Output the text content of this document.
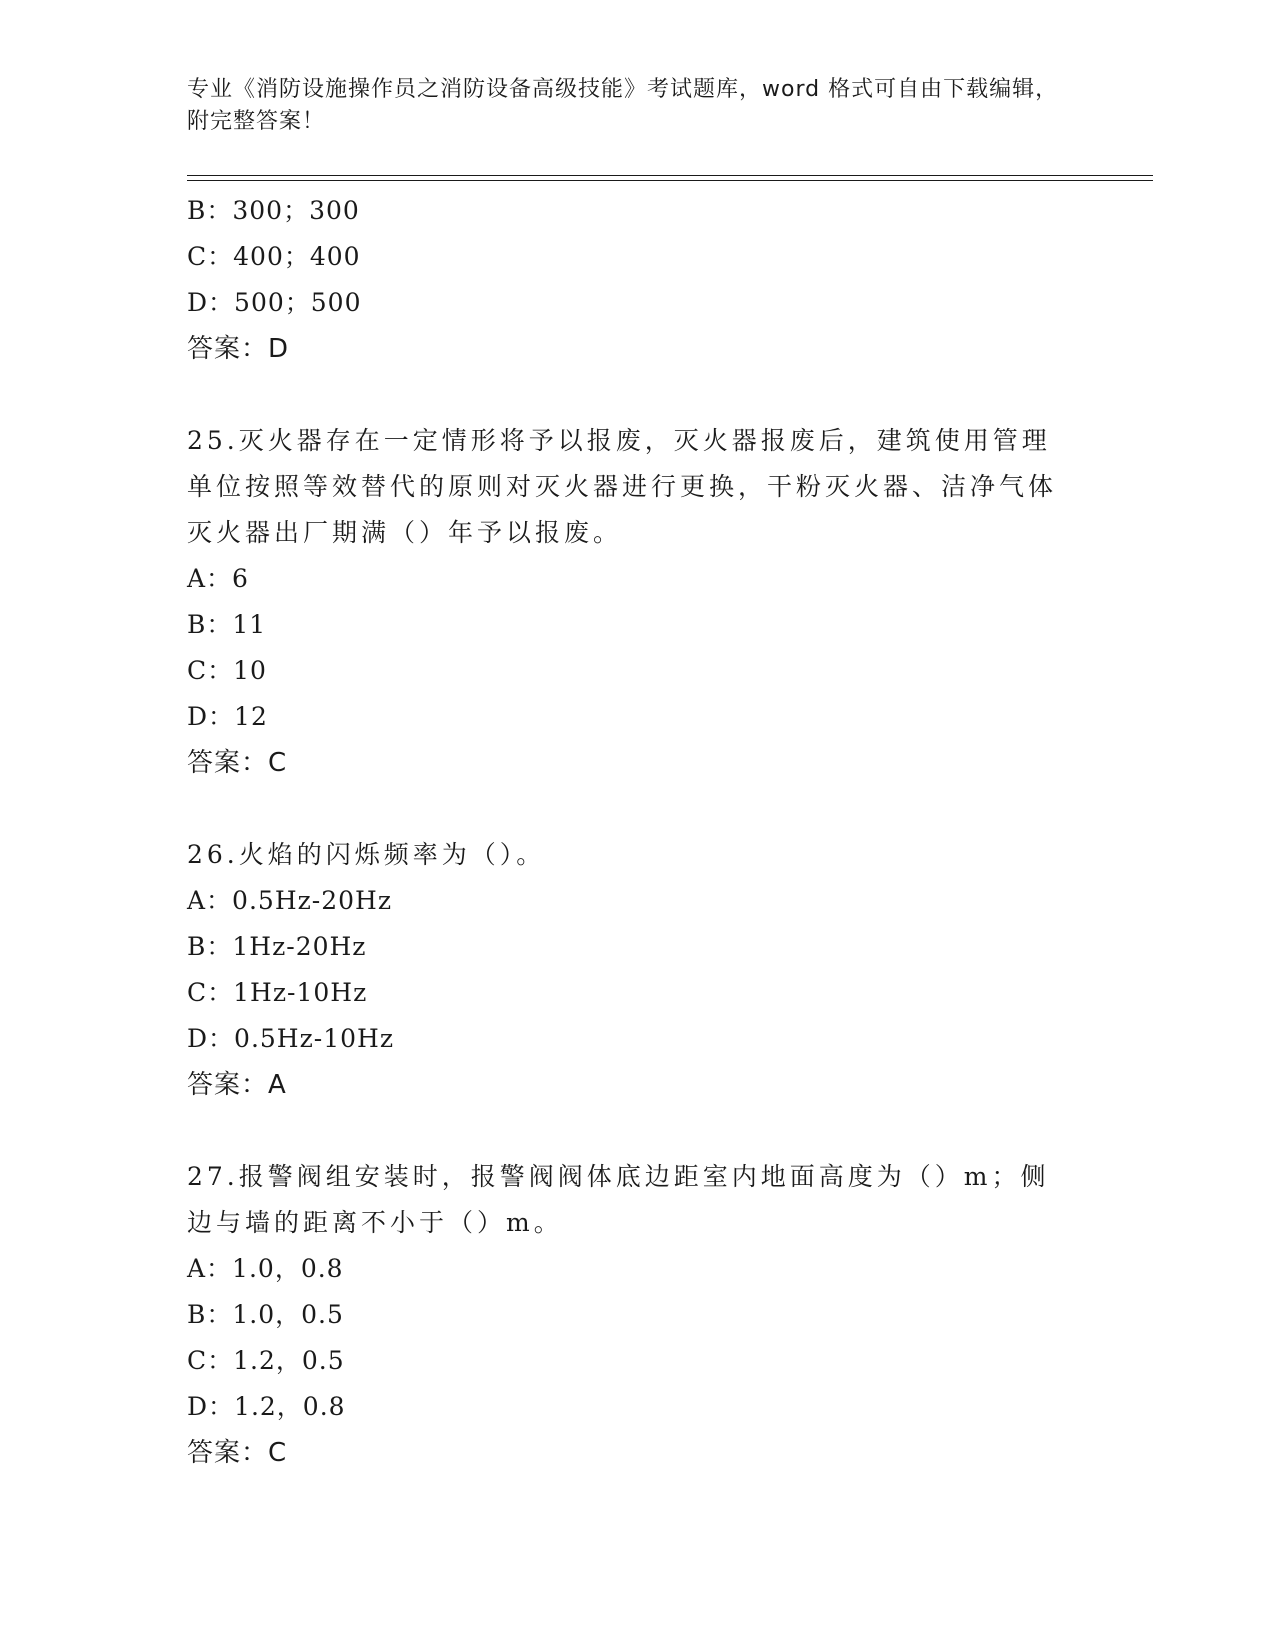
专业《消防设施操作员之消防设备高级技能》考试题库，word 格式可自由下载编辑，附完整答案！
B：300；300
C：400；400
D：500；500
答案：D
25.灭火器存在一定情形将予以报废，灭火器报废后，建筑使用管理单位按照等效替代的原则对灭火器进行更换，干粉灭火器、洁净气体灭火器出厂期满（）年予以报废。
A：6
B：11
C：10
D：12
答案：C
26.火焰的闪烁频率为（）。
A：0.5Hz-20Hz
B：1Hz-20Hz
C：1Hz-10Hz
D：0.5Hz-10Hz
答案：A
27.报警阀组安装时，报警阀阀体底边距室内地面高度为（）m；侧边与墙的距离不小于（）m。
A：1.0，0.8
B：1.0，0.5
C：1.2，0.5
D：1.2，0.8
答案：C
